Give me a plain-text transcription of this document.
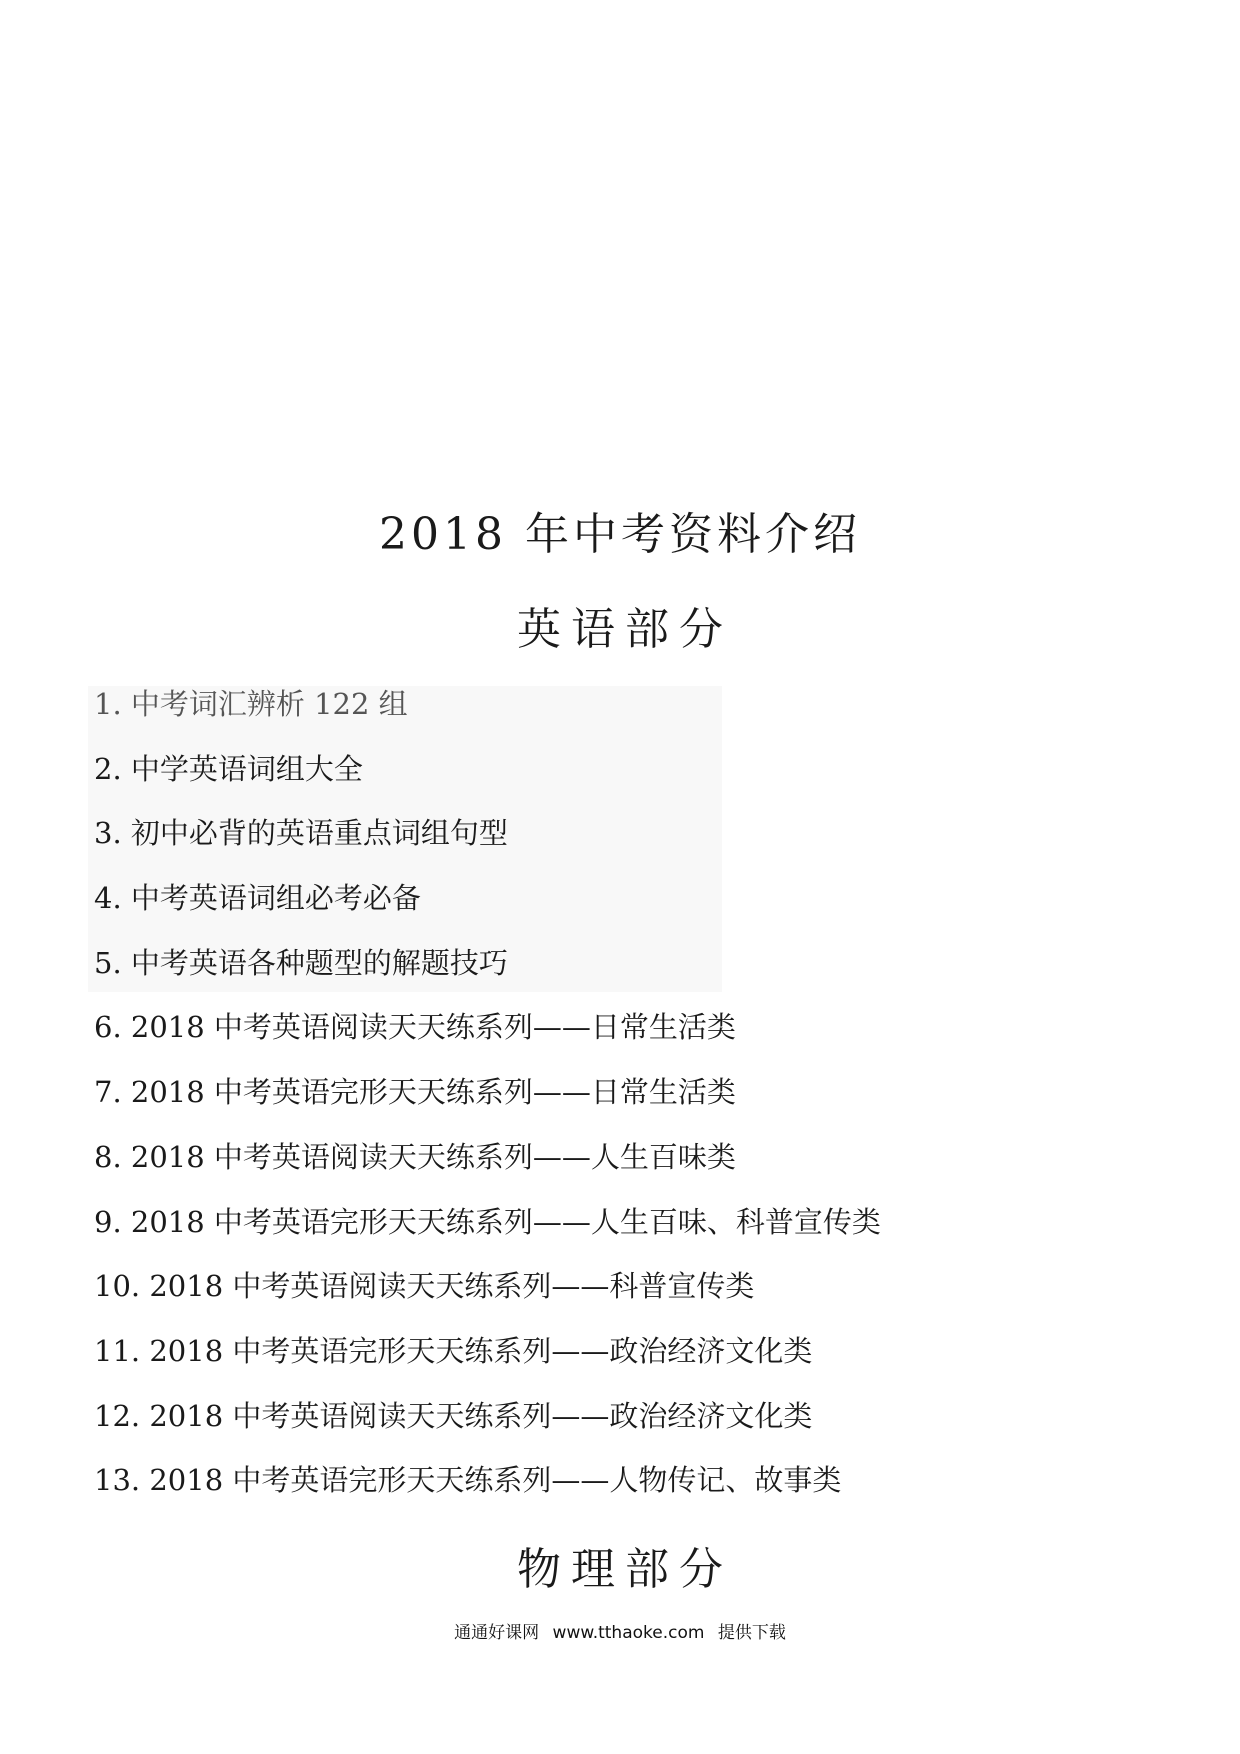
2018 年中考资料介绍
英语部分
1. 中考词汇辨析 122 组
2. 中学英语词组大全
3. 初中必背的英语重点词组句型
4. 中考英语词组必考必备
5. 中考英语各种题型的解题技巧
6. 2018 中考英语阅读天天练系列——日常生活类
7. 2018 中考英语完形天天练系列——日常生活类
8. 2018 中考英语阅读天天练系列——人生百味类
9. 2018 中考英语完形天天练系列——人生百味、科普宣传类
10. 2018 中考英语阅读天天练系列——科普宣传类
11. 2018 中考英语完形天天练系列——政治经济文化类
12. 2018 中考英语阅读天天练系列——政治经济文化类
13. 2018 中考英语完形天天练系列——人物传记、故事类
物理部分
通通好课网 www.tthaoke.com 提供下载
